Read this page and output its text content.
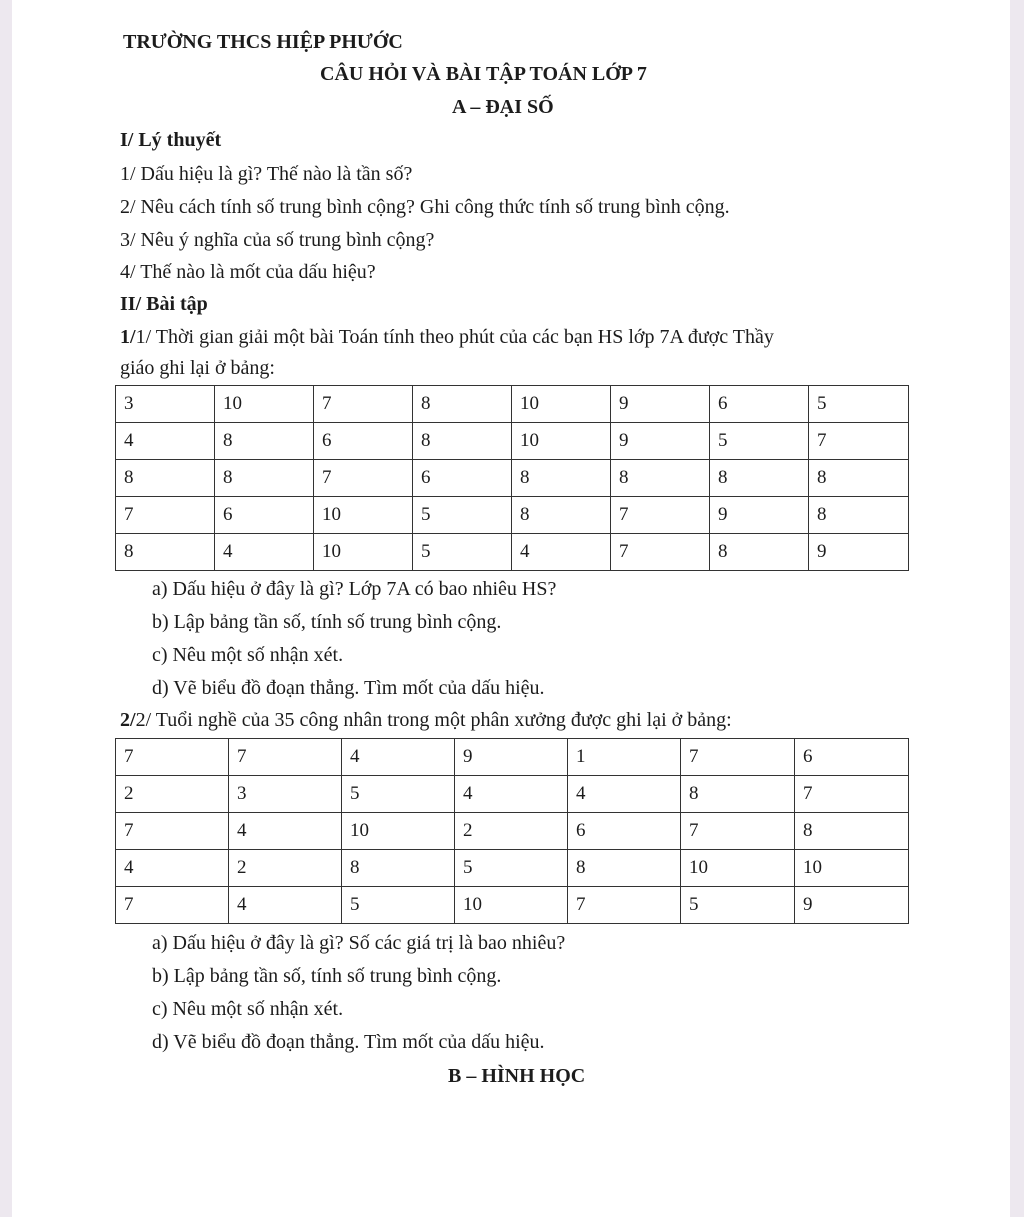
TRƯỜNG THCS HIỆP PHƯỚC
CÂU HỎI VÀ BÀI TẬP TOÁN LỚP 7
A – ĐẠI SỐ
I/ Lý thuyết
1/ Dấu hiệu là gì? Thế nào là tần số?
2/ Nêu cách tính số trung bình cộng? Ghi công thức tính số trung bình cộng.
3/ Nêu ý nghĩa của số trung bình cộng?
4/ Thế nào là mốt của dấu hiệu?
II/ Bài tập
1/1/ Thời gian giải một bài Toán tính theo phút của các bạn HS lớp 7A được Thầy
giáo ghi lại ở bảng:
3	10	7	8	10	9	6	5
4	8	6	8	10	9	5	7
8	8	7	6	8	8	8	8
7	6	10	5	8	7	9	8
8	4	10	5	4	7	8	9
a) Dấu hiệu ở đây là gì? Lớp 7A có bao nhiêu HS?
b) Lập bảng tần số, tính số trung bình cộng.
c) Nêu một số nhận xét.
d) Vẽ biểu đồ đoạn thẳng. Tìm mốt của dấu hiệu.
2/2/ Tuổi nghề của 35 công nhân trong một phân xưởng được ghi lại ở bảng:
7	7	4	9	1	7	6
2	3	5	4	4	8	7
7	4	10	2	6	7	8
4	2	8	5	8	10	10
7	4	5	10	7	5	9
a) Dấu hiệu ở đây là gì? Số các giá trị là bao nhiêu?
b) Lập bảng tần số, tính số trung bình cộng.
c) Nêu một số nhận xét.
d) Vẽ biểu đồ đoạn thẳng. Tìm mốt của dấu hiệu.
B – HÌNH HỌC
